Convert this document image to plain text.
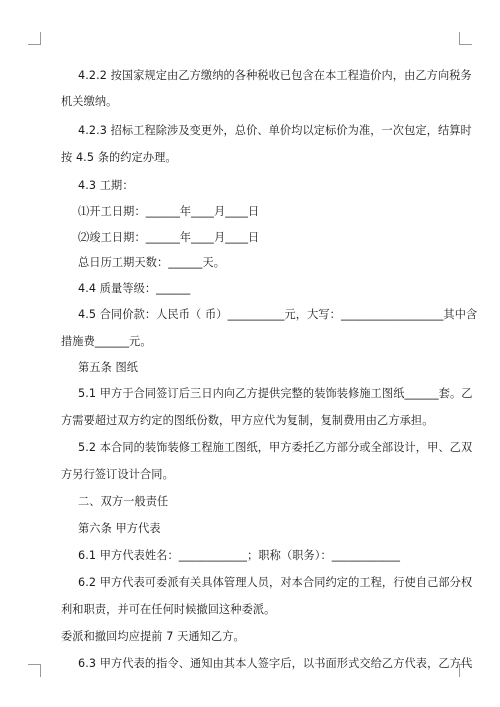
4.2.2 按国家规定由乙方缴纳的各种税收已包含在本工程造价内，由乙方向税务
机关缴纳。
4.2.3 招标工程除涉及变更外，总价、单价均以定标价为准，一次包定，结算时
按 4.5 条的约定办理。
4.3 工期：
⑴开工日期：______年____月____日
⑵竣工日期：______年____月____日
总日历工期天数：______天。
4.4 质量等级：______
4.5 合同价款：人民币（ 币）__________元，大写：__________________其中含
措施费______元。
第五条 图纸
5.1 甲方于合同签订后三日内向乙方提供完整的装饰装修施工图纸______套。乙
方需要超过双方约定的图纸份数，甲方应代为复制，复制费用由乙方承担。
5.2 本合同的装饰装修工程施工图纸，甲方委托乙方部分或全部设计，甲、乙双
方另行签订设计合同。
二、双方一般责任
第六条 甲方代表
6.1 甲方代表姓名：____________；职称（职务）：____________
6.2 甲方代表可委派有关具体管理人员，对本合同约定的工程，行使自己部分权
利和职责，并可在任何时候撤回这种委派。
委派和撤回均应提前 7 天通知乙方。
6.3 甲方代表的指令、通知由其本人签字后，以书面形式交给乙方代表，乙方代
